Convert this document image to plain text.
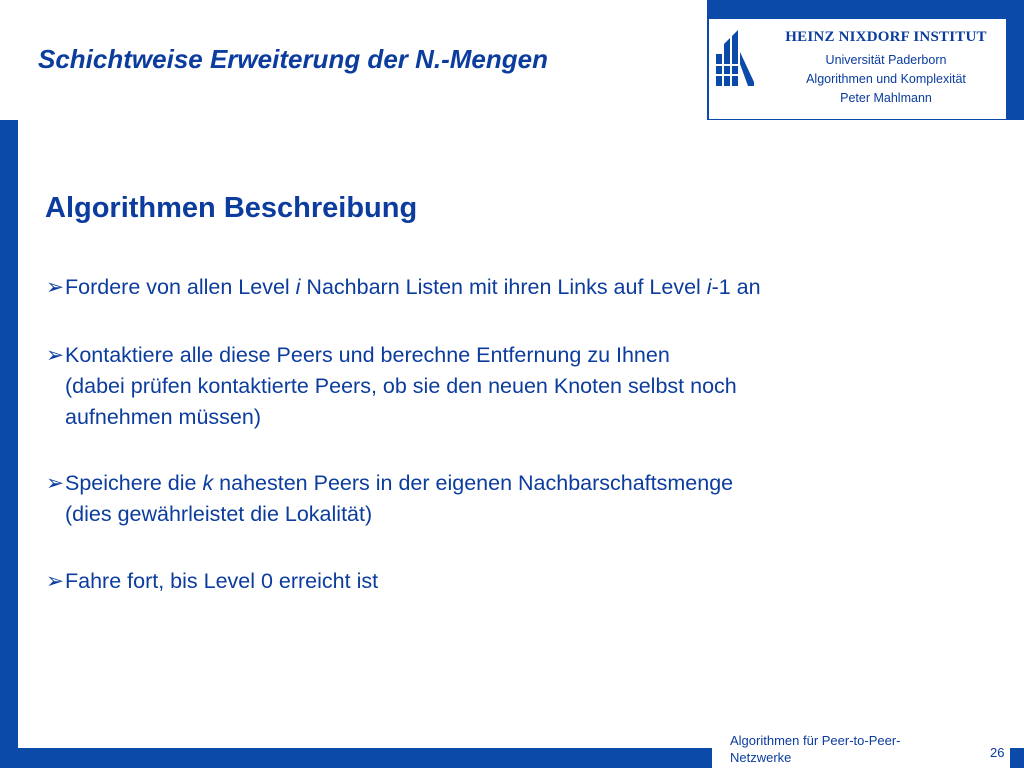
HEINZ NIXDORF INSTITUT
Universität Paderborn
Algorithmen und Komplexität
Peter Mahlmann
Schichtweise Erweiterung der N.-Mengen
Algorithmen Beschreibung
➢Fordere von allen Level i Nachbarn Listen mit ihren Links auf Level i-1 an
➢Kontaktiere alle diese Peers und berechne Entfernung zu Ihnen
(dabei prüfen kontaktierte Peers, ob sie den neuen Knoten selbst noch
aufnehmen müssen)
➢Speichere die k nahesten Peers in der eigenen Nachbarschaftsmenge
(dies gewährleistet die Lokalität)
➢Fahre fort, bis Level 0 erreicht ist
Algorithmen für Peer-to-Peer-Netzwerke	26
